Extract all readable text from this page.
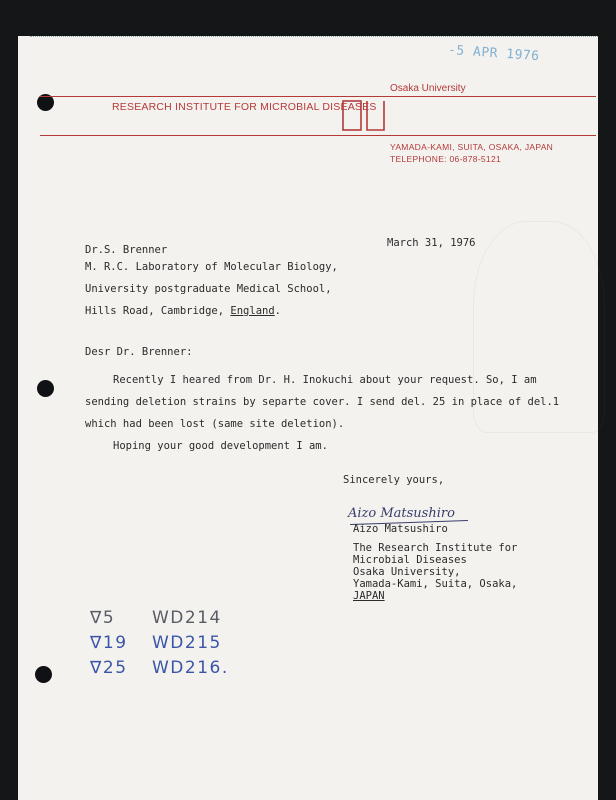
-5 APR 1976
Osaka University
RESEARCH INSTITUTE FOR MICROBIAL DISEASES
YAMADA-KAMI, SUITA, OSAKA, JAPAN
TELEPHONE: 06-878-5121
March 31, 1976
Dr.S. Brenner
M. R.C. Laboratory of Molecular Biology,
University postgraduate Medical School,
Hills Road, Cambridge, England.
Desr Dr. Brenner:
Recently I heared from Dr. H. Inokuchi about your request. So, I am
sending deletion strains by separte cover. I send del. 25 in place of del.1
which had been lost (same site deletion).
Hoping your good development I am.
Sincerely yours,
Aizo Matsushiro
Aizo Matsushiro
The Research Institute for
Microbial Diseases
Osaka University,
Yamada-Kami, Suita, Osaka,
JAPAN
∇5 WD214
∇19 WD215
∇25 WD216.
